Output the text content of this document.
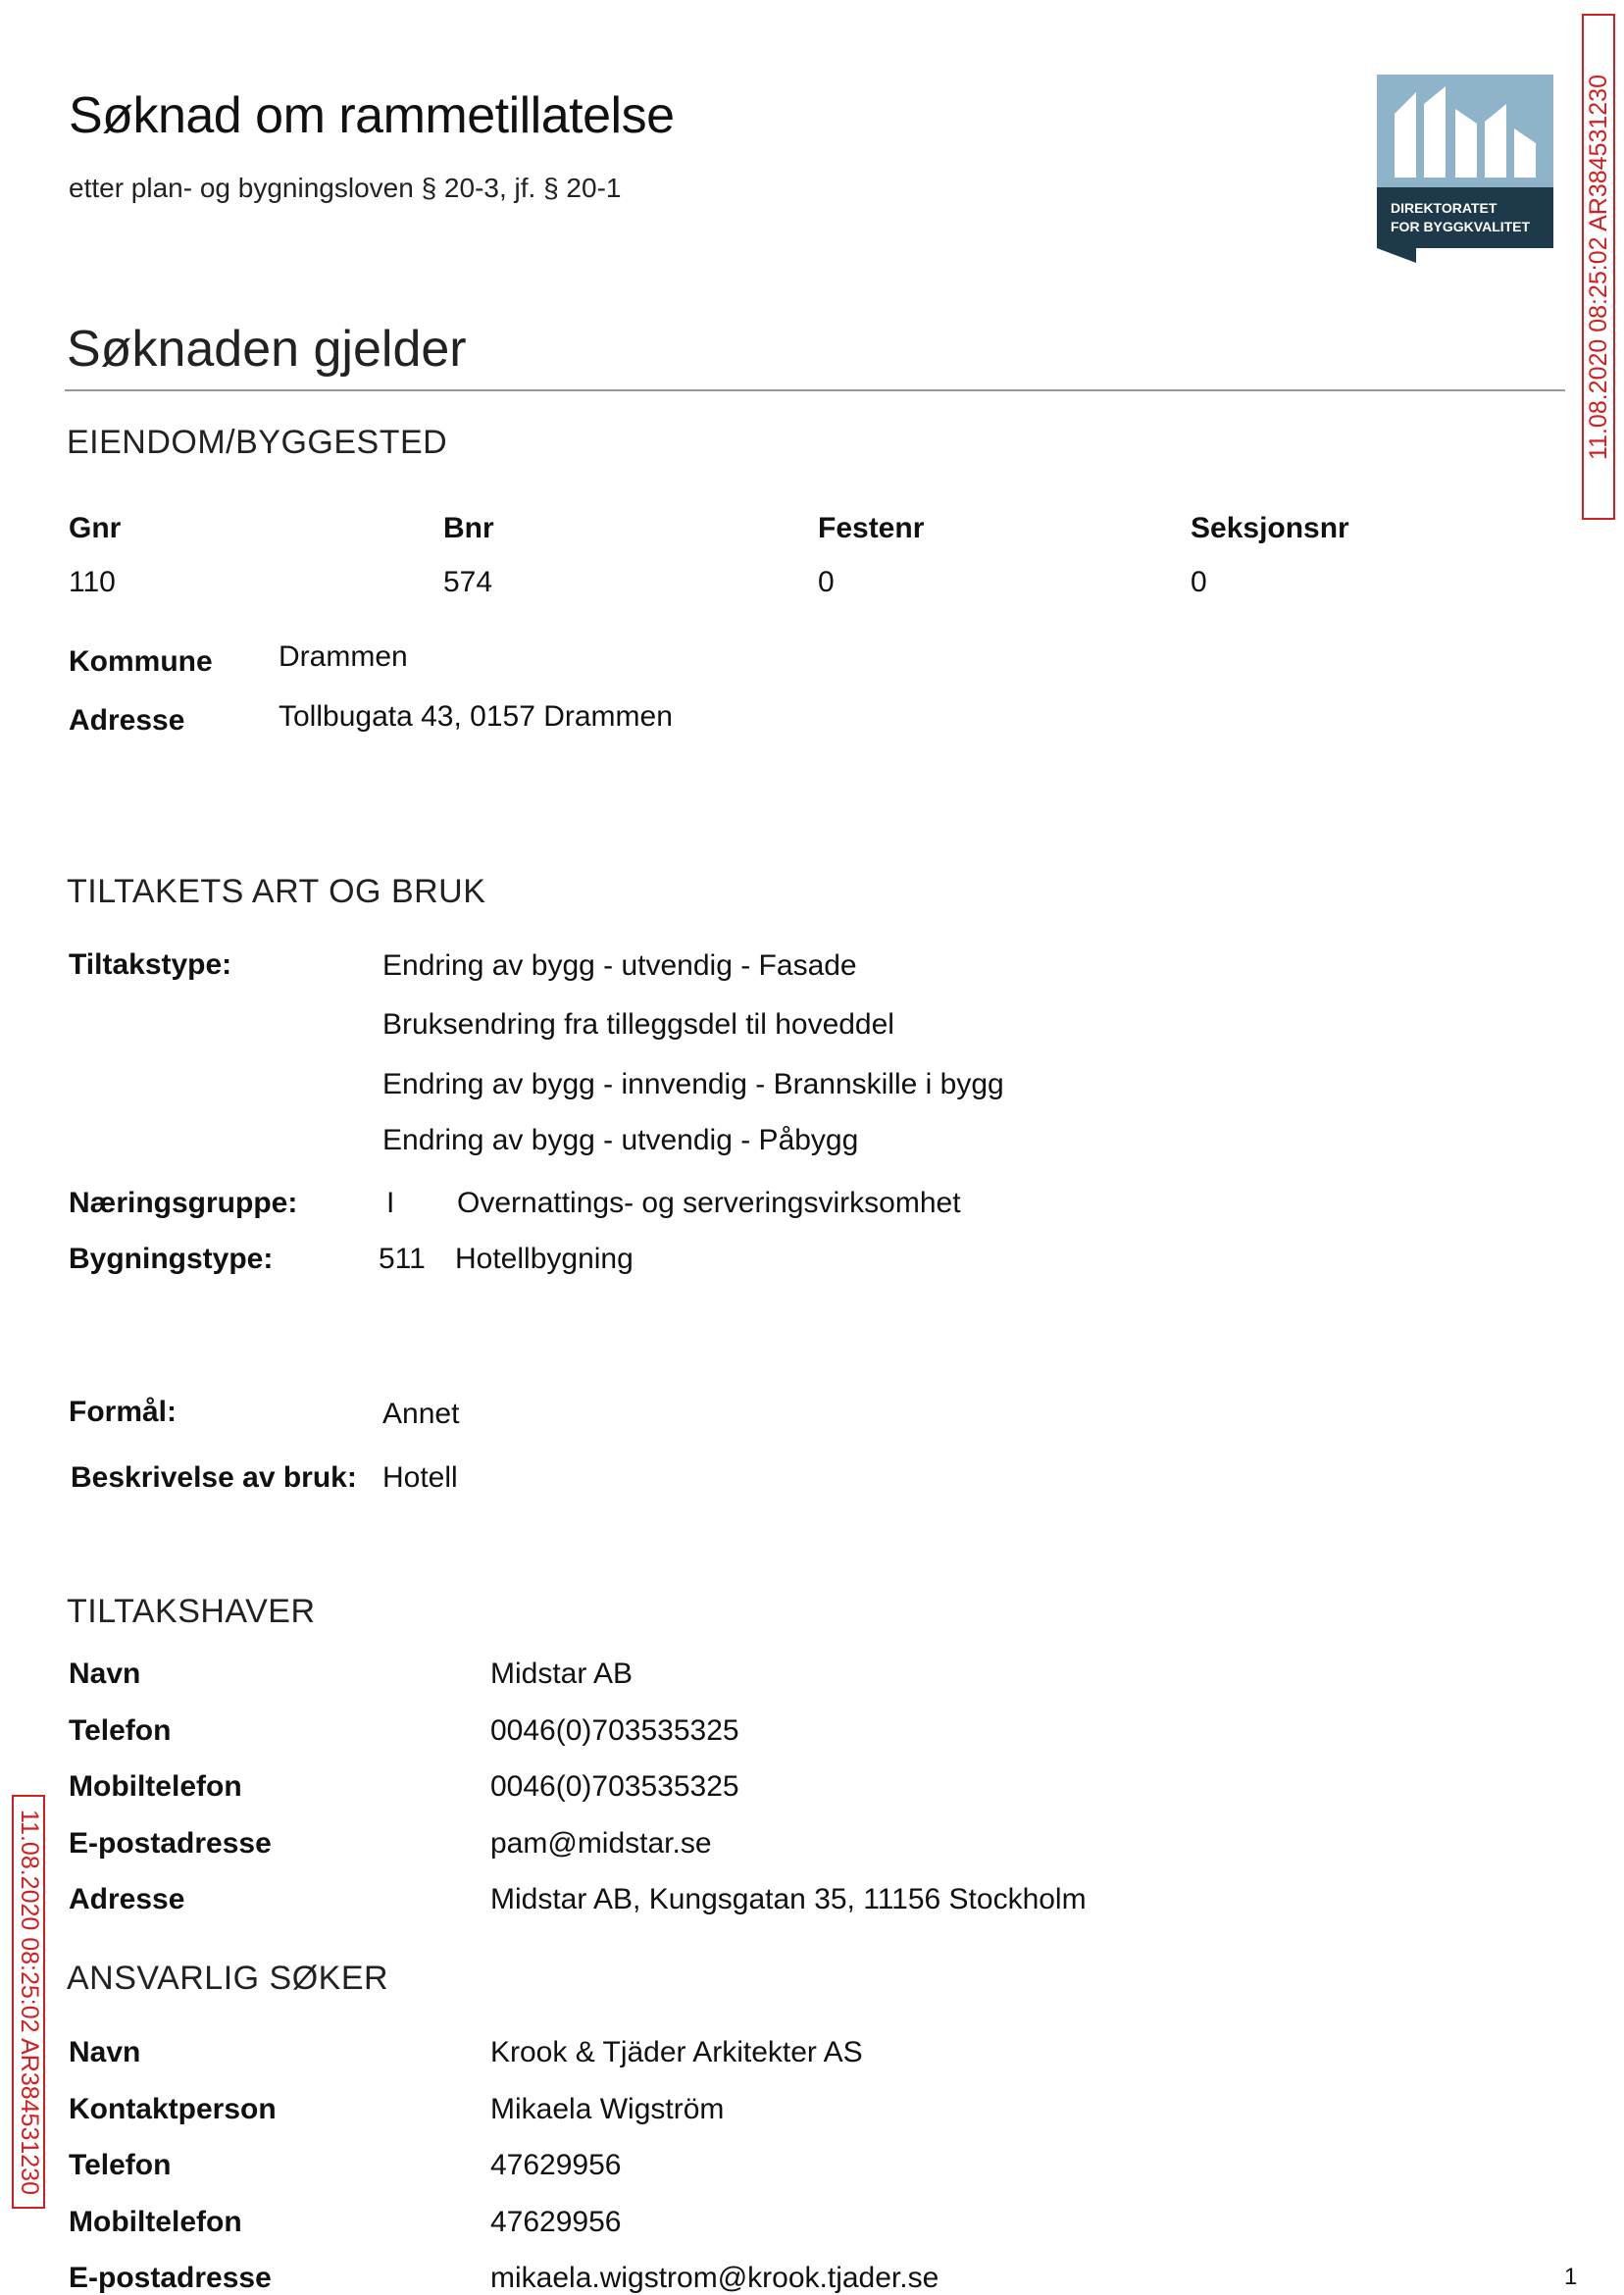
Søknad om rammetillatelse
etter plan- og bygningsloven § 20-3, jf. § 20-1
DIREKTORATET
FOR BYGGKVALITET 11.08.2020 08:25:02 AR384531230
11.08.2020 08:25:02 AR384531230
Søknaden gjelder
EIENDOM/BYGGESTED
Gnr	Bnr	Festenr	Seksjonsnr
110	574	0	0
Kommune Drammen
Adresse	Tollbugata 43, 0157 Drammen
TILTAKETS ART OG BRUK
Tiltakstype:	Endring av bygg - utvendig - Fasade
Bruksendring fra tilleggsdel til hoveddel
Endring av bygg - innvendig - Brannskille i bygg
Endring av bygg - utvendig - Påbygg
Næringsgruppe:	I Overnattings- og serveringsvirksomhet
Bygningstype:	511 Hotellbygning
Formål:	Annet
Beskrivelse av bruk: Hotell
TILTAKSHAVER
Navn	Midstar AB
Telefon	0046(0)703535325
Mobiltelefon	0046(0)703535325
E-postadresse	pam@midstar.se
Adresse	Midstar AB, Kungsgatan 35, 11156 Stockholm
ANSVARLIG SØKER
Navn	Krook & Tjäder Arkitekter AS
Kontaktperson	Mikaela Wigström
Telefon	47629956
Mobiltelefon	47629956
E-postadresse	mikaela.wigstrom@krook.tjader.se	1
